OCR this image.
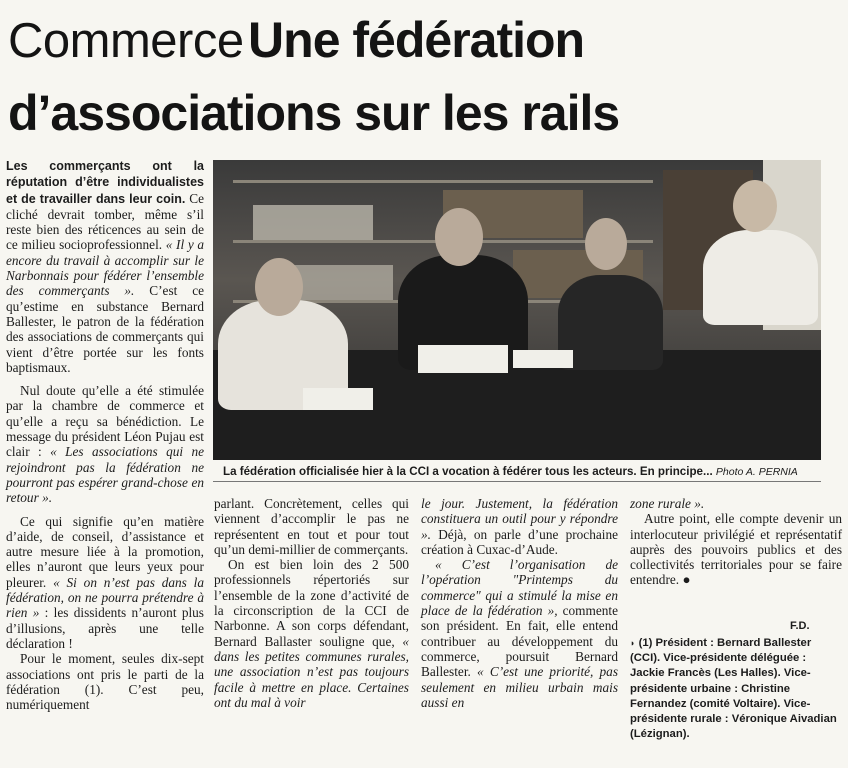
Commerce Une fédération
d’associations sur les rails

Les commerçants ont la réputation d’être individualistes et de travailler dans leur coin. Ce cliché devrait tomber, même s’il reste bien des réticences au sein de ce milieu socioprofessionnel. « Il y a encore du travail à accomplir sur le Narbonnais pour fédérer l’ensemble des commerçants ». C’est ce qu’estime en substance Bernard Ballester, le patron de la fédération des associations de commerçants qui vient d’être portée sur les fonts baptismaux.

Nul doute qu’elle a été stimulée par la chambre de commerce et qu’elle a reçu sa bénédiction. Le message du président Léon Pujau est clair : « Les associations qui ne rejoindront pas la fédération ne pourront pas espérer grand-chose en retour ».

Ce qui signifie qu’en matière d’aide, de conseil, d’assistance et autre mesure liée à la promotion, elles n’auront que leurs yeux pour pleurer. « Si on n’est pas dans la fédération, on ne pourra prétendre à rien » : les dissidents n’auront plus d’illusions, après une telle déclaration !

Pour le moment, seules dix-sept associations ont pris le parti de la fédération (1). C’est peu, numériquement

La fédération officialisée hier à la CCI a vocation à fédérer tous les acteurs. En principe... Photo A. PERNIA

parlant. Concrètement, celles qui viennent d’accomplir le pas ne représentent en tout et pour tout qu’un demi-millier de commerçants.

On est bien loin des 2 500 professionnels répertoriés sur l’ensemble de la zone d’activité de la circonscription de la CCI de Narbonne. A son corps défendant, Bernard Ballaster souligne que, « dans les petites communes rurales, une association n’est pas toujours facile à mettre en place. Certaines ont du mal à voir

le jour. Justement, la fédération constituera un outil pour y répondre ». Déjà, on parle d’une prochaine création à Cuxac-d’Aude.

« C’est l’organisation de l’opération "Printemps du commerce" qui a stimulé la mise en place de la fédération », commente son président. En fait, elle entend contribuer au développement du commerce, poursuit Bernard Ballester. « C’est une priorité, pas seulement en milieu urbain mais aussi en

zone rurale ».

Autre point, elle compte devenir un interlocuteur privilégié et représentatif auprès des pouvoirs publics et des collectivités territoriales pour se faire entendre. ●

F.D.
◗ (1) Président : Bernard Ballester (CCI). Vice-présidente déléguée : Jackie Francès (Les Halles). Vice-présidente urbaine : Christine Fernandez (comité Voltaire). Vice-présidente rurale : Véronique Aivadian (Lézignan).
